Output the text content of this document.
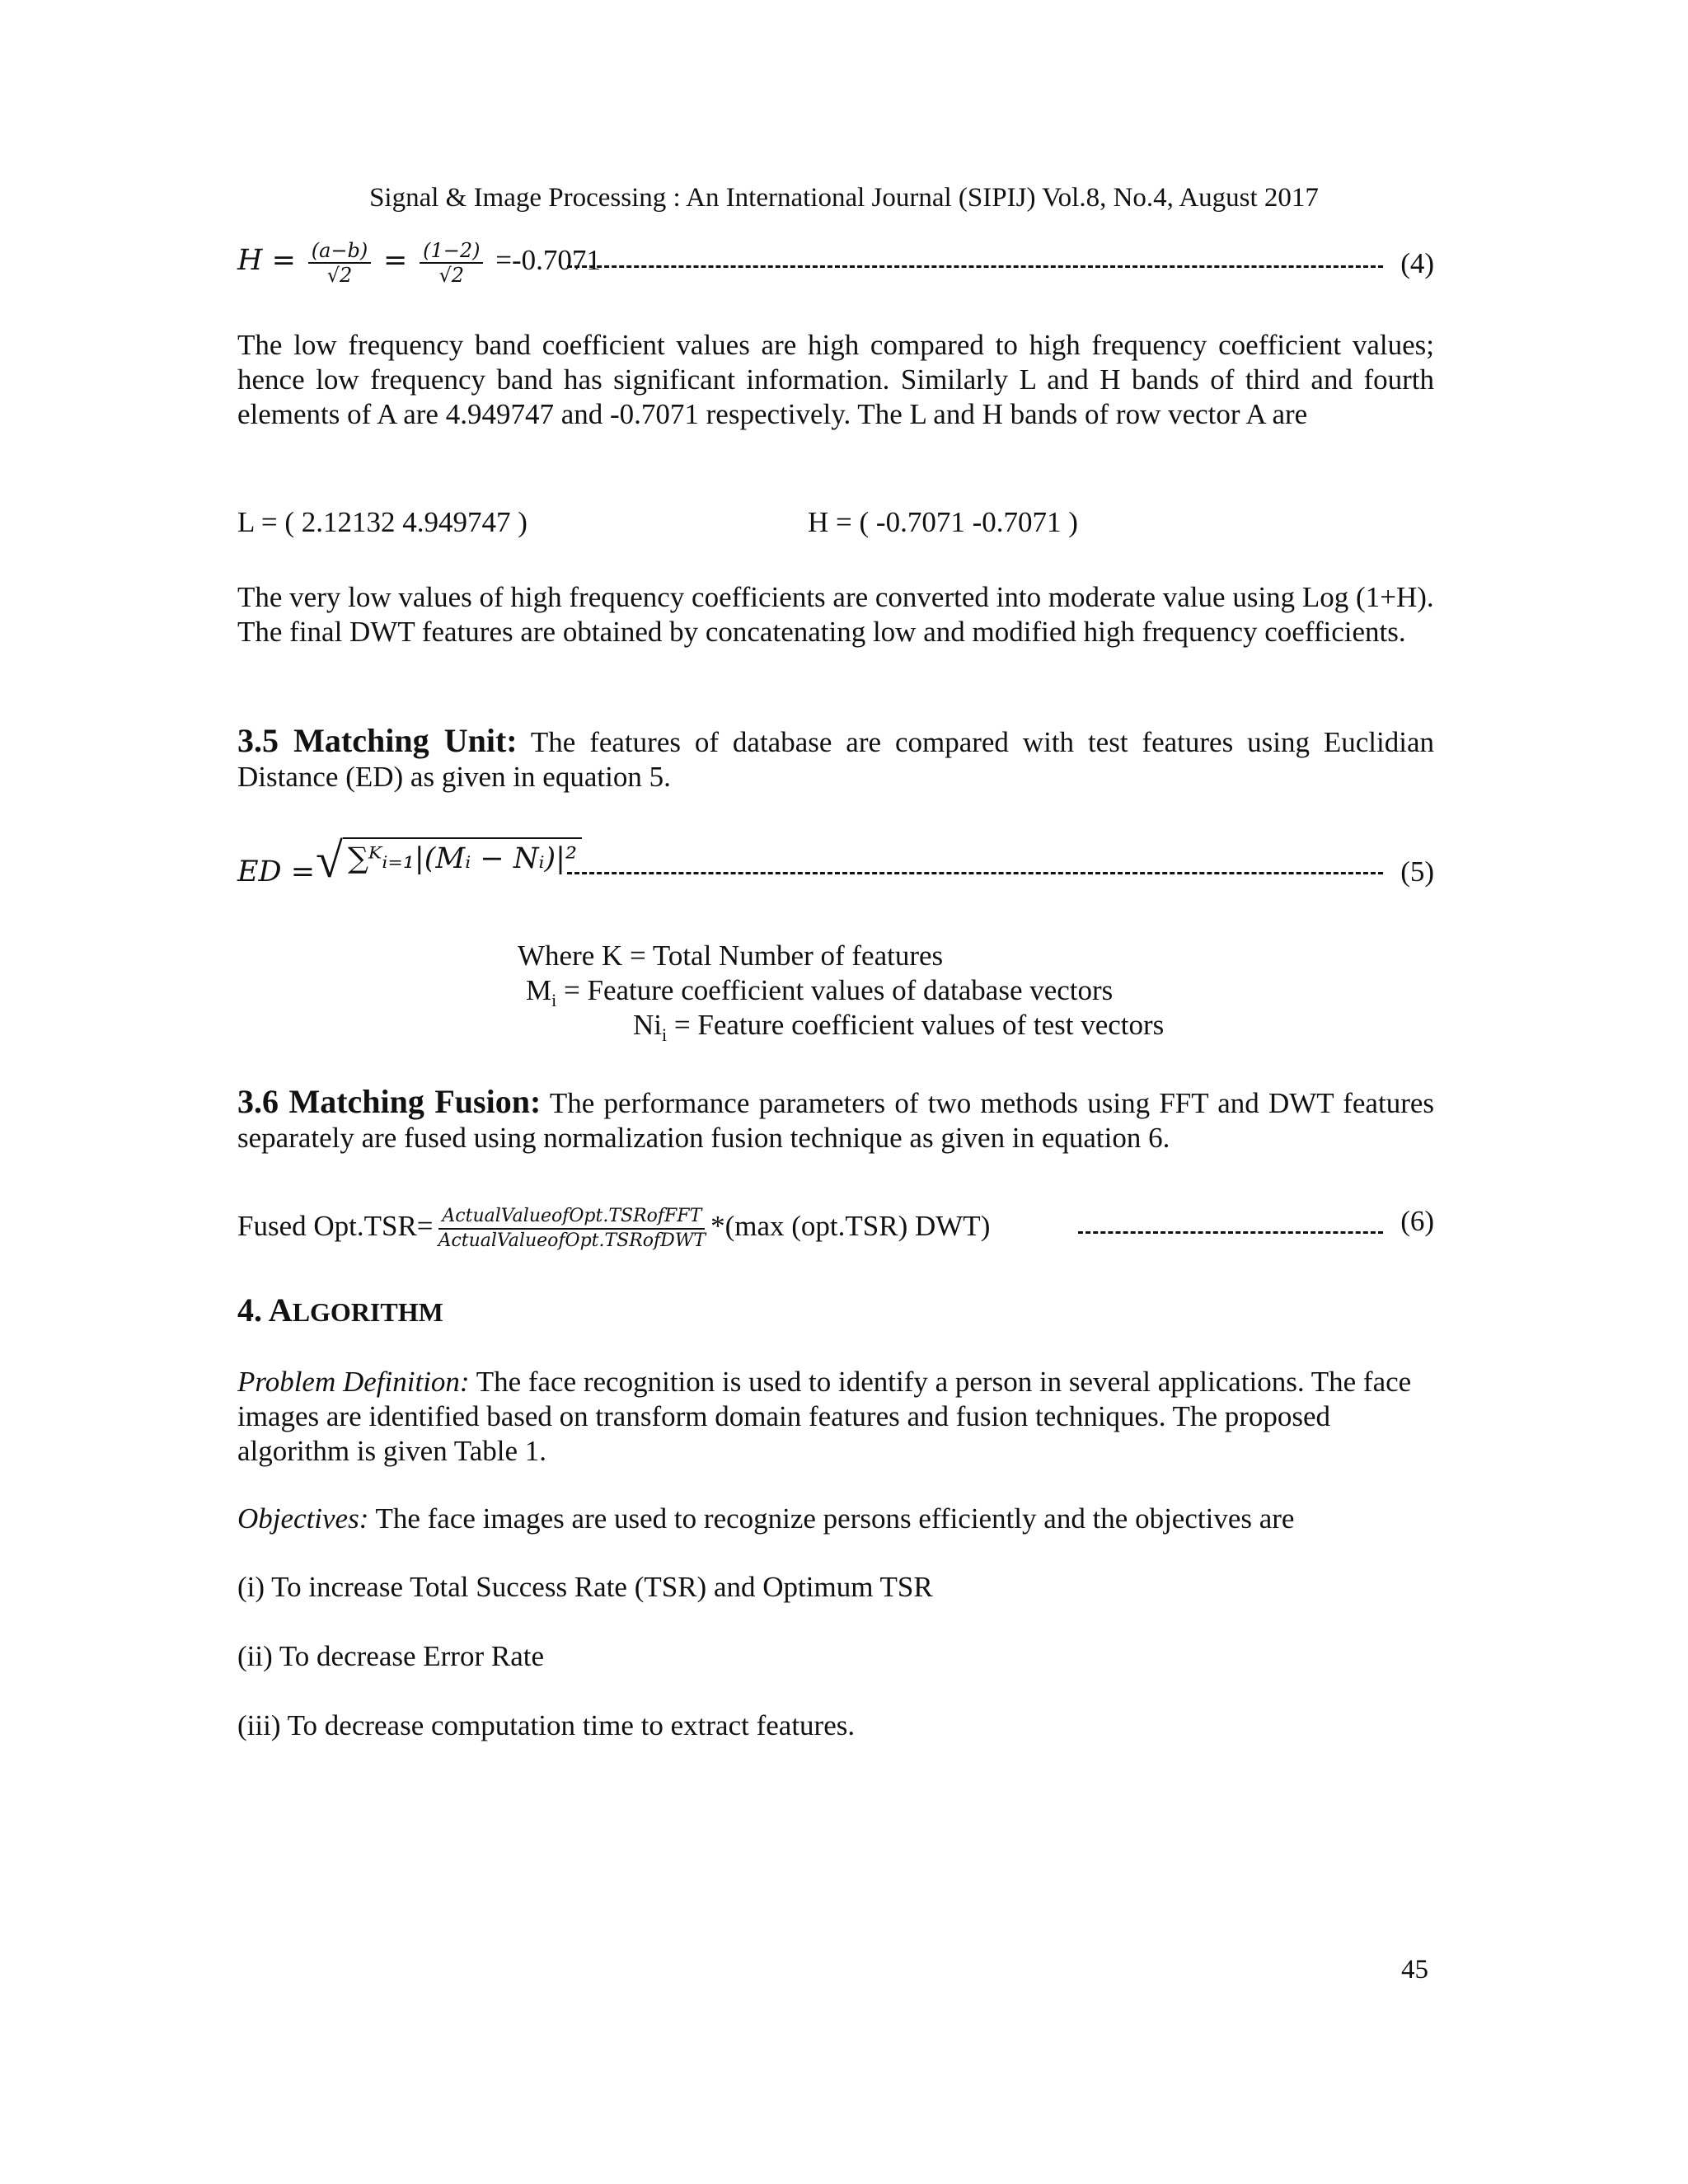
Signal & Image Processing : An International Journal (SIPIJ) Vol.8, No.4, August 2017
$H = \frac{(a-b)}{√2} = \frac{(1-2)}{√2} =-0.7071$	(4)

The low frequency band coefficient values are high compared to high frequency coefficient values; hence low frequency band has significant information. Similarly L and H bands of third and fourth elements of A are 4.949747 and -0.7071 respectively. The L and H bands of row vector A are

L = ( 2.12132 4.949747 )	H = ( -0.7071 -0.7071 )

The very low values of high frequency coefficients are converted into moderate value using Log (1+H). The final DWT features are obtained by concatenating low and modified high frequency coefficients.

3.5 Matching Unit: The features of database are compared with test features using Euclidian Distance (ED) as given in equation 5.

ED = √ ∑ᴷᵢ₌₁|(Mᵢ − Nᵢ)|²	(5)
Where K = Total Number of features
$M_i$ = Feature coefficient values of database vectors
$Ni_i$ = Feature coefficient values of test vectors

3.6 Matching Fusion: The performance parameters of two methods using FFT and DWT features separately are fused using normalization fusion technique as given in equation 6.

Fused $Opt.TSR= \frac{\text{ActualValueofOpt.TSRofFFT}}{\text{ActualValueofOpt.TSRofDWT}} *(\max$ (opt.TSR) DWT)	(6)
4. ALGORITHM

Problem Definition: The face recognition is used to identify a person in several applications. The face images are identified based on transform domain features and fusion techniques. The proposed algorithm is given Table 1.

Objectives: The face images are used to recognize persons efficiently and the objectives are

(i) To increase Total Success Rate (TSR) and Optimum TSR
(ii) To decrease Error Rate
(iii) To decrease computation time to extract features.
45
